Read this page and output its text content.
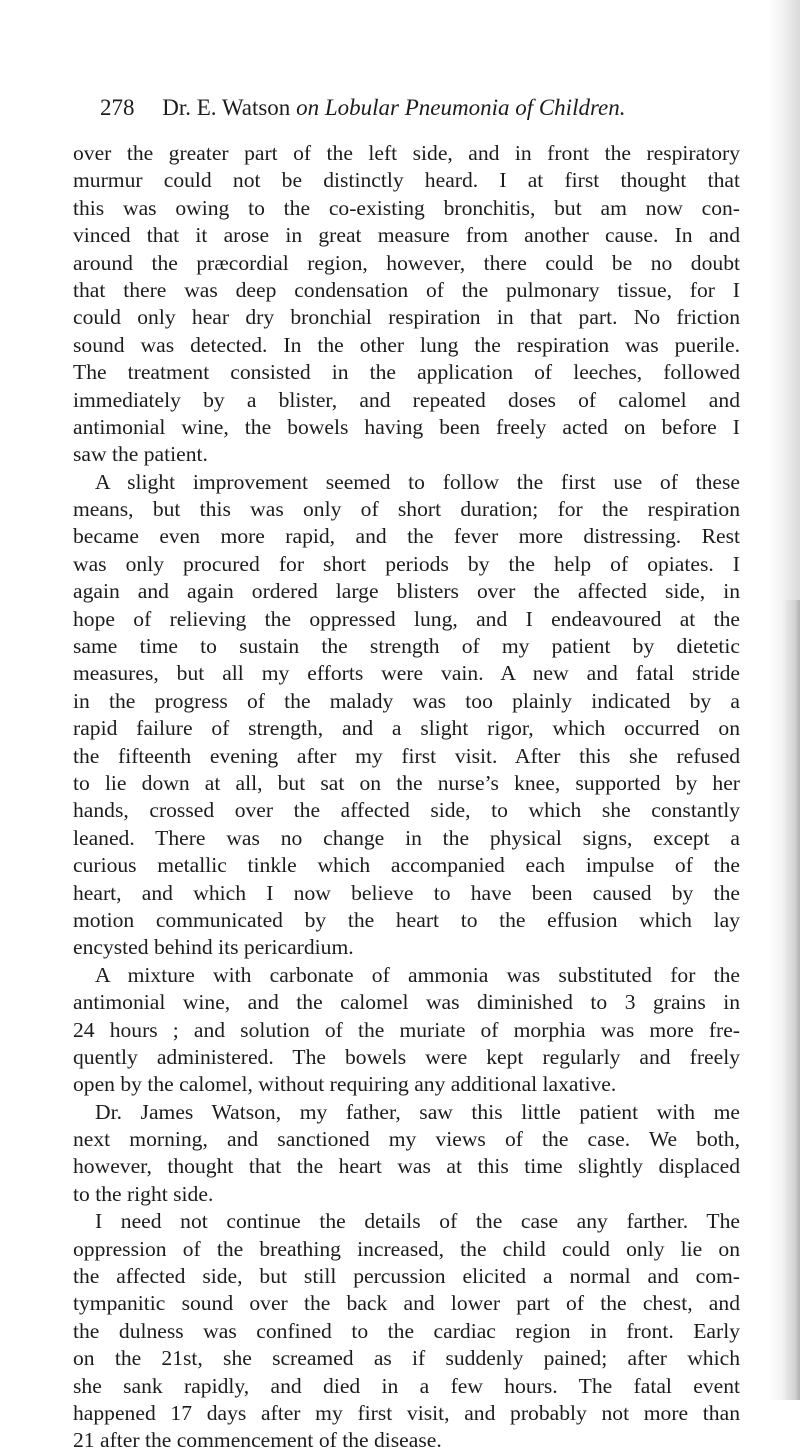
278 Dr. E. Watson on Lobular Pneumonia of Children.
over the greater part of the left side, and in front the respiratory
murmur could not be distinctly heard. I at first thought that
this was owing to the co-existing bronchitis, but am now con-
vinced that it arose in great measure from another cause. In and
around the præcordial region, however, there could be no doubt
that there was deep condensation of the pulmonary tissue, for I
could only hear dry bronchial respiration in that part. No friction
sound was detected. In the other lung the respiration was puerile.
The treatment consisted in the application of leeches, followed
immediately by a blister, and repeated doses of calomel and
antimonial wine, the bowels having been freely acted on before I
saw the patient.
A slight improvement seemed to follow the first use of these
means, but this was only of short duration; for the respiration
became even more rapid, and the fever more distressing. Rest
was only procured for short periods by the help of opiates. I
again and again ordered large blisters over the affected side, in
hope of relieving the oppressed lung, and I endeavoured at the
same time to sustain the strength of my patient by dietetic
measures, but all my efforts were vain. A new and fatal stride
in the progress of the malady was too plainly indicated by a
rapid failure of strength, and a slight rigor, which occurred on
the fifteenth evening after my first visit. After this she refused
to lie down at all, but sat on the nurse’s knee, supported by her
hands, crossed over the affected side, to which she constantly
leaned. There was no change in the physical signs, except a
curious metallic tinkle which accompanied each impulse of the
heart, and which I now believe to have been caused by the
motion communicated by the heart to the effusion which lay
encysted behind its pericardium.
A mixture with carbonate of ammonia was substituted for the
antimonial wine, and the calomel was diminished to 3 grains in
24 hours ; and solution of the muriate of morphia was more fre-
quently administered. The bowels were kept regularly and freely
open by the calomel, without requiring any additional laxative.
Dr. James Watson, my father, saw this little patient with me
next morning, and sanctioned my views of the case. We both,
however, thought that the heart was at this time slightly displaced
to the right side.
I need not continue the details of the case any farther. The
oppression of the breathing increased, the child could only lie on
the affected side, but still percussion elicited a normal and com-
tympanitic sound over the back and lower part of the chest, and
the dulness was confined to the cardiac region in front. Early
on the 21st, she screamed as if suddenly pained; after which
she sank rapidly, and died in a few hours. The fatal event
happened 17 days after my first visit, and probably not more than
21 after the commencement of the disease.
